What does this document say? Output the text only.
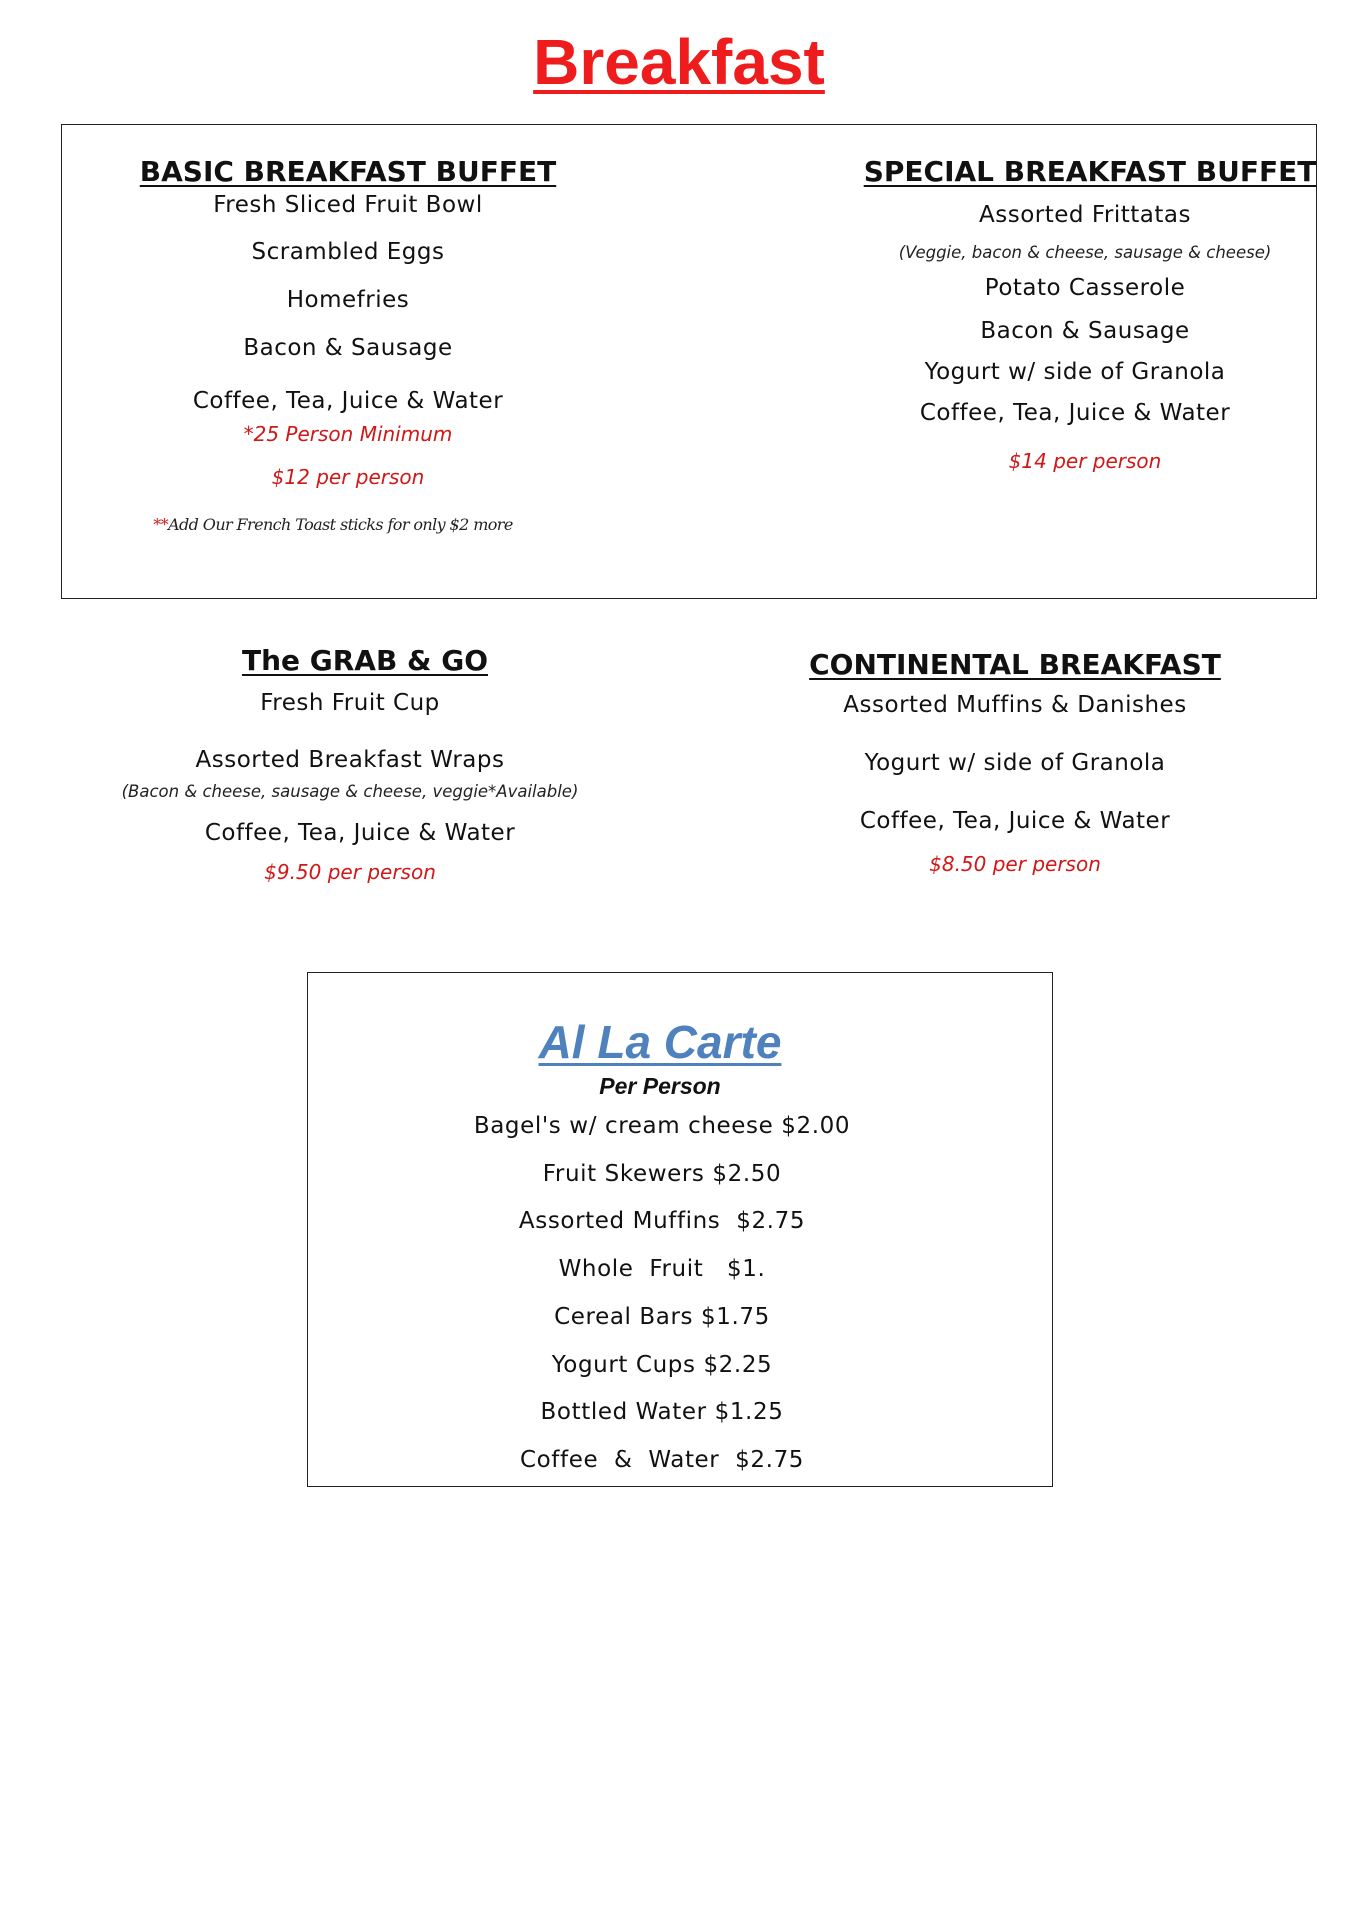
Breakfast
BASIC BREAKFAST BUFFET
Fresh Sliced Fruit Bowl
Scrambled Eggs
Homefries
Bacon & Sausage
Coffee, Tea, Juice & Water
*25 Person Minimum
$12 per person
**Add Our French Toast sticks for only $2 more
SPECIAL BREAKFAST BUFFET
Assorted Frittatas
(Veggie, bacon & cheese, sausage & cheese)
Potato Casserole
Bacon & Sausage
Yogurt w/ side of Granola
Coffee, Tea, Juice & Water
$14 per person
The GRAB & GO
Fresh Fruit Cup
Assorted Breakfast Wraps
(Bacon & cheese, sausage & cheese, veggie*Available)
Coffee, Tea, Juice & Water
$9.50 per person
CONTINENTAL BREAKFAST
Assorted Muffins & Danishes
Yogurt w/ side of Granola
Coffee, Tea, Juice & Water
$8.50 per person
Al La Carte
Per Person
Bagel's w/ cream cheese $2.00
Fruit Skewers $2.50
Assorted Muffins  $2.75
Whole  Fruit   $1.
Cereal Bars $1.75
Yogurt Cups $2.25
Bottled Water $1.25
Coffee  &  Water  $2.75
